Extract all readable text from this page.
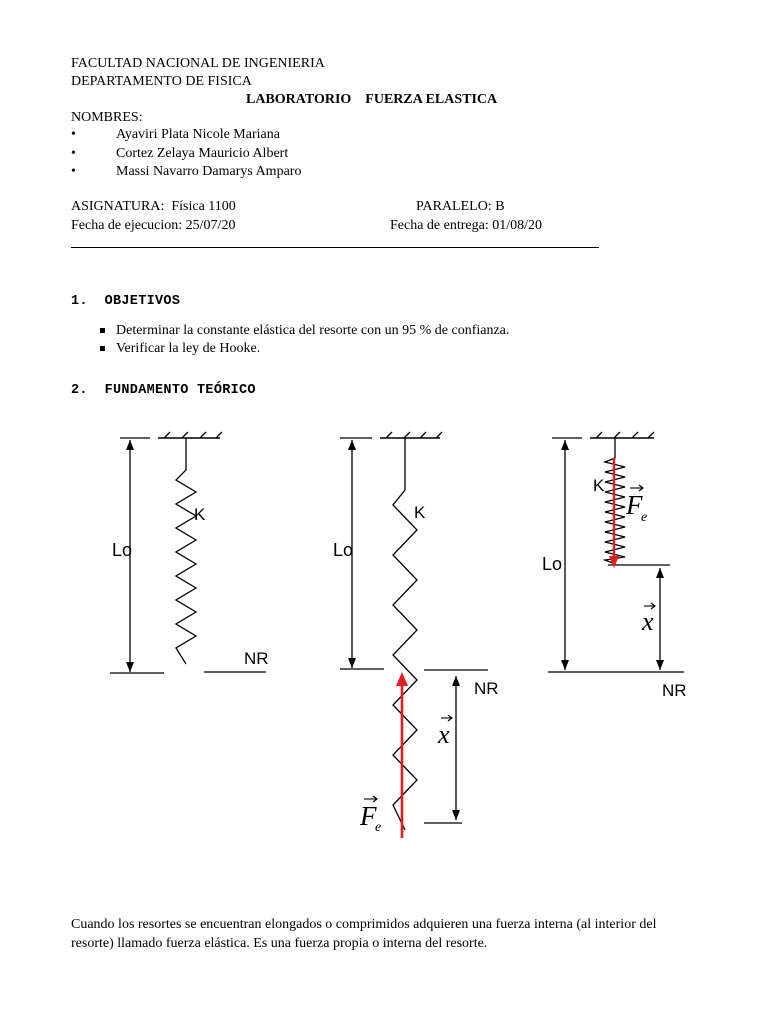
FACULTAD NACIONAL DE INGENIERIA
DEPARTAMENTO DE FISICA
LABORATORIO    FUERZA ELASTICA
NOMBRES:
•	Ayaviri Plata Nicole Mariana
•	Cortez Zelaya Mauricio Albert
•	Massi Navarro Damarys Amparo
ASIGNATURA:  Física 1100	PARALELO: B
Fecha de ejecucion: 25/07/20	Fecha de entrega: 01/08/20
1.  OBJETIVOS
Determinar la constante elástica del resorte con un 95 % de confianza.
Verificar la ley de Hooke.
2.  FUNDAMENTO TEÓRICO
Lo
K
NR
Lo
K
NR
x
F
e
Lo
K
NR
x
F
e
Cuando los resortes se encuentran elongados o comprimidos adquieren una fuerza interna (al interior del resorte) llamado fuerza elástica. Es una fuerza propia o interna del resorte.
